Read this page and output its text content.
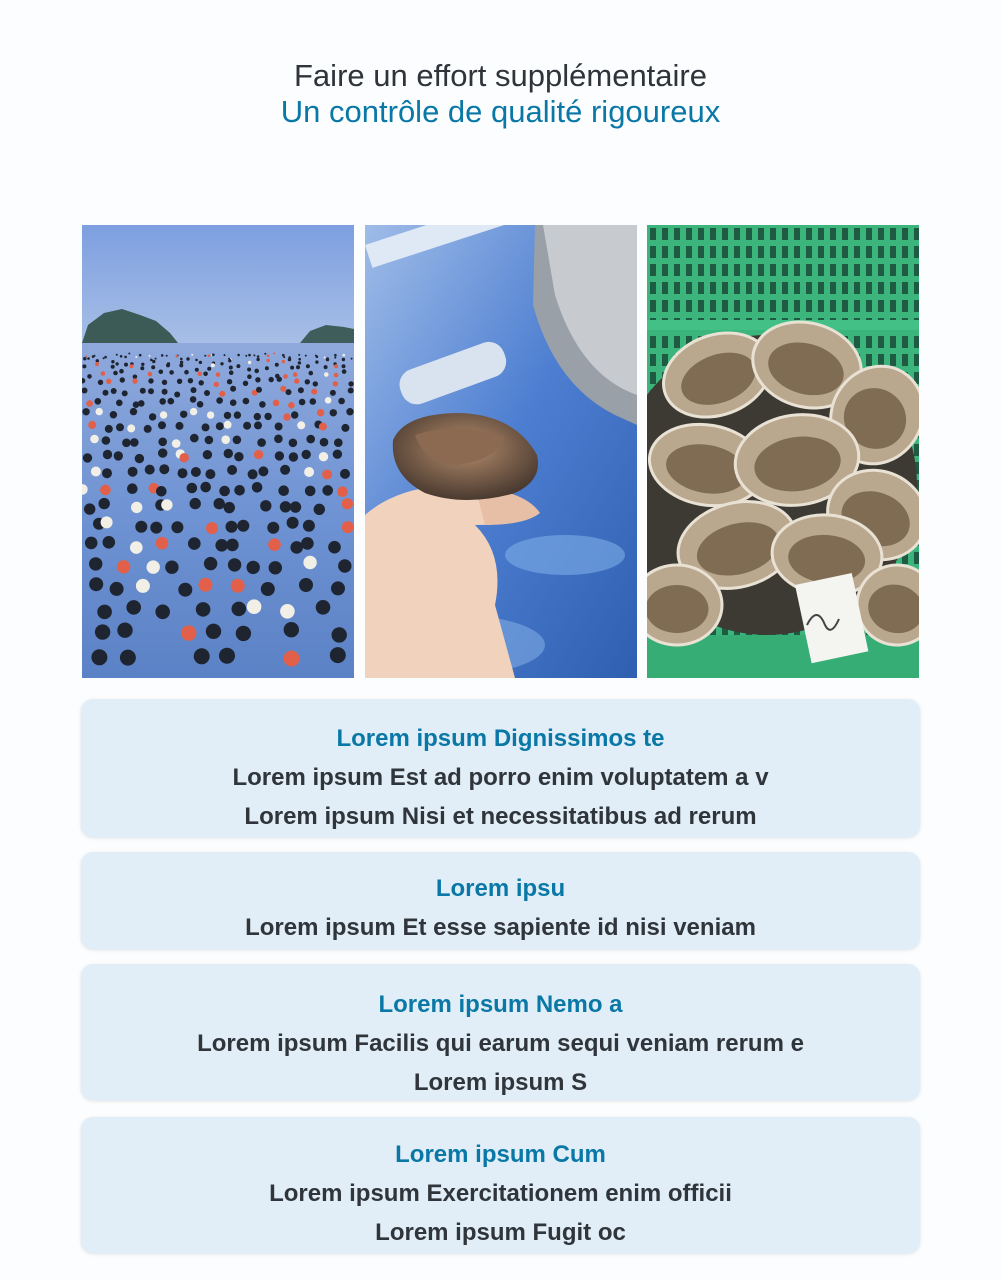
Faire un effort supplémentaire
Un contrôle de qualité rigoureux
Lorem ipsum Dignissimos te
Lorem ipsum Est ad porro enim voluptatem a v
Lorem ipsum Nisi et necessitatibus ad rerum
Lorem ipsu
Lorem ipsum Et esse sapiente id nisi veniam
Lorem ipsum Nemo a
Lorem ipsum Facilis qui earum sequi veniam rerum e
Lorem ipsum S
Lorem ipsum Cum
Lorem ipsum Exercitationem enim officii
Lorem ipsum Fugit oc
